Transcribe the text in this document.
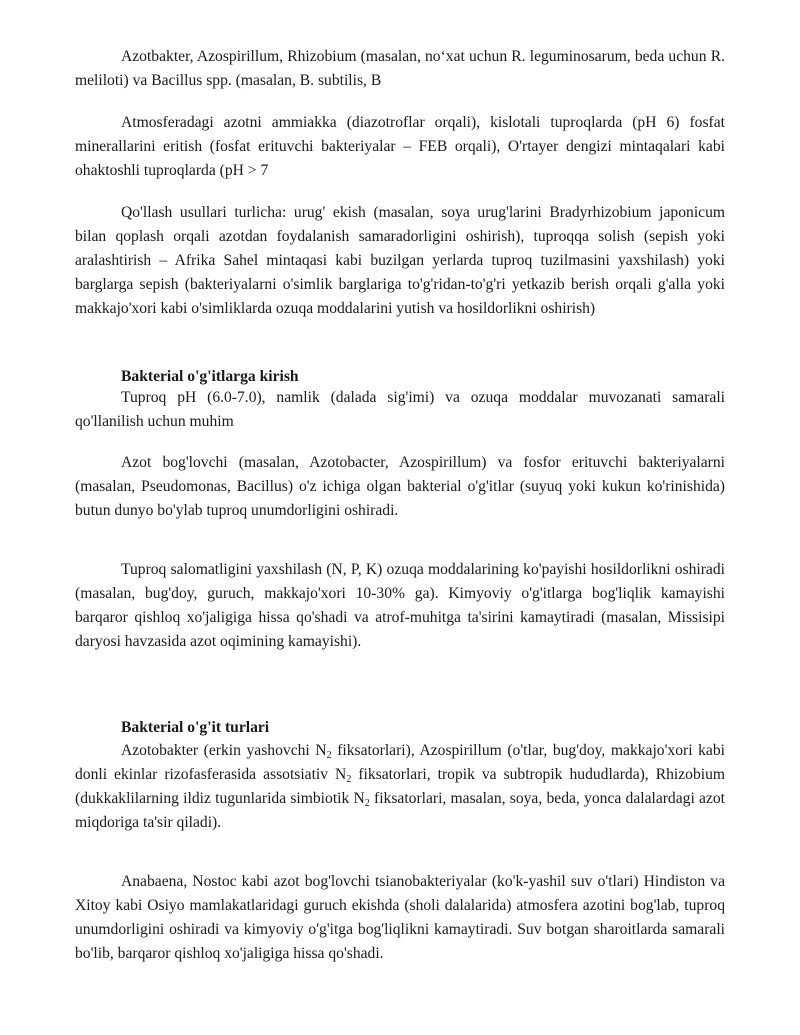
Azotbakter, Azospirillum, Rhizobium (masalan, no‘xat uchun R. leguminosarum, beda uchun R. meliloti) va Bacillus spp. (masalan, B. subtilis, B

Atmosferadagi azotni ammiakka (diazotroflar orqali), kislotali tuproqlarda (pH 6) fosfat minerallarini eritish (fosfat erituvchi bakteriyalar – FEB orqali), O'rtayer dengizi mintaqalari kabi ohaktoshli tuproqlarda (pH > 7

Qo'llash usullari turlicha: urug' ekish (masalan, soya urug'larini Bradyrhizobium japonicum bilan qoplash orqali azotdan foydalanish samaradorligini oshirish), tuproqqa solish (sepish yoki aralashtirish – Afrika Sahel mintaqasi kabi buzilgan yerlarda tuproq tuzilmasini yaxshilash) yoki barglarga sepish (bakteriyalarni o'simlik barglariga to'g'ridan-to'g'ri yetkazib berish orqali g'alla yoki makkajo'xori kabi o'simliklarda ozuqa moddalarini yutish va hosildorlikni oshirish)

Bakterial o'g'itlarga kirish

Tuproq pH (6.0-7.0), namlik (dalada sig'imi) va ozuqa moddalar muvozanati samarali qo'llanilish uchun muhim

Azot bog'lovchi (masalan, Azotobacter, Azospirillum) va fosfor erituvchi bakteriyalarni (masalan, Pseudomonas, Bacillus) o'z ichiga olgan bakterial o'g'itlar (suyuq yoki kukun ko'rinishida) butun dunyo bo'ylab tuproq unumdorligini oshiradi.

Tuproq salomatligini yaxshilash (N, P, K) ozuqa moddalarining ko'payishi hosildorlikni oshiradi (masalan, bug'doy, guruch, makkajo'xori 10-30% ga). Kimyoviy o'g'itlarga bog'liqlik kamayishi barqaror qishloq xo'jaligiga hissa qo'shadi va atrof-muhitga ta'sirini kamaytiradi (masalan, Missisipi daryosi havzasida azot oqimining kamayishi).

Bakterial o'g'it turlari

Azotobakter (erkin yashovchi $N_2$ fiksatorlari), Azospirillum (o'tlar, bug'doy, makkajo'xori kabi donli ekinlar rizofasferasida assotsiativ $N_2$ fiksatorlari, tropik va subtropik hududlarda), Rhizobium (dukkaklilarning ildiz tugunlarida simbiotik $N_2$ fiksatorlari, masalan, soya, beda, yonca dalalardagi azot miqdoriga ta'sir qiladi).

Anabaena, Nostoc kabi azot bog'lovchi tsianobakteriyalar (ko'k-yashil suv o'tlari) Hindiston va Xitoy kabi Osiyo mamlakatlaridagi guruch ekishda (sholi dalalarida) atmosfera azotini bog'lab, tuproq unumdorligini oshiradi va kimyoviy o'g'itga bog'liqlikni kamaytiradi. Suv botgan sharoitlarda samarali bo'lib, barqaror qishloq xo'jaligiga hissa qo'shadi.
